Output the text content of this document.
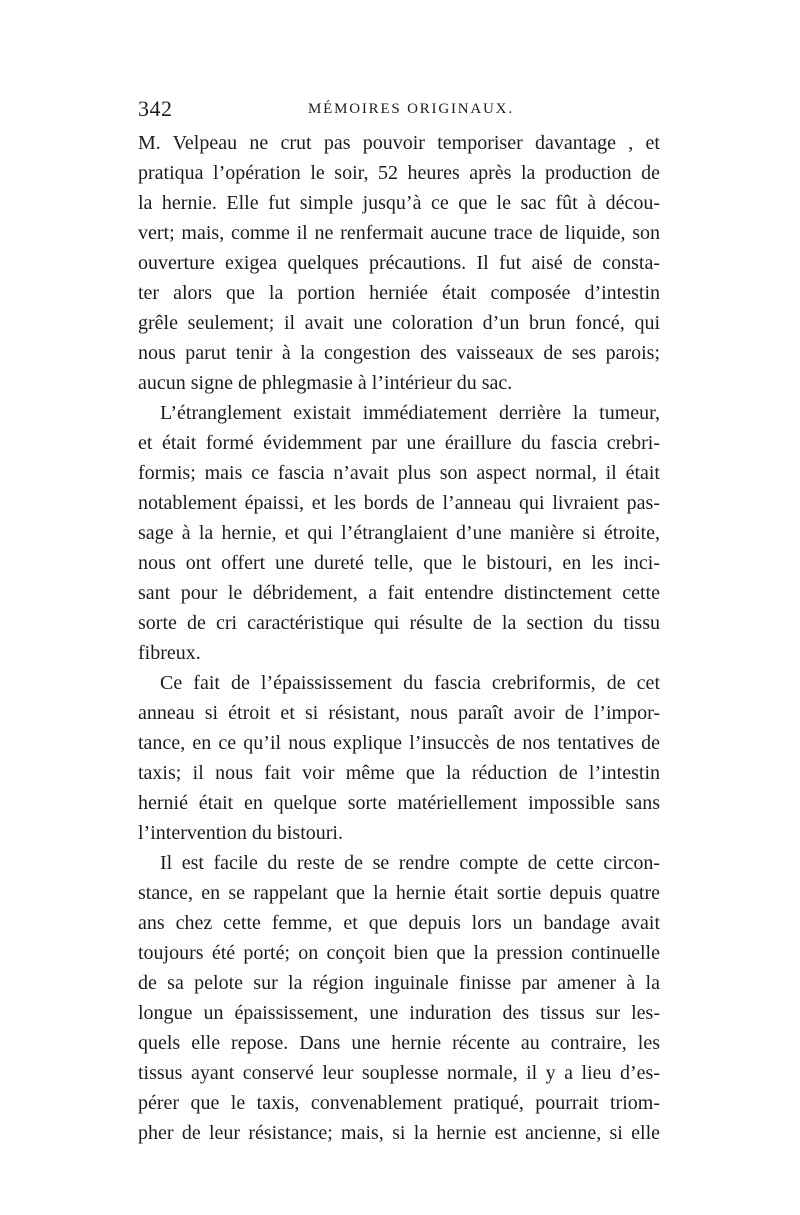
342	MÉMOIRES ORIGINAUX.
M. Velpeau ne crut pas pouvoir temporiser davantage , et
pratiqua l’opération le soir, 52 heures après la production de
la hernie. Elle fut simple jusqu’à ce que le sac fût à décou-
vert; mais, comme il ne renfermait aucune trace de liquide, son
ouverture exigea quelques précautions. Il fut aisé de consta-
ter alors que la portion herniée était composée d’intestin
grêle seulement; il avait une coloration d’un brun foncé, qui
nous parut tenir à la congestion des vaisseaux de ses parois;
aucun signe de phlegmasie à l’intérieur du sac.
L’étranglement existait immédiatement derrière la tumeur,
et était formé évidemment par une éraillure du fascia crebri-
formis; mais ce fascia n’avait plus son aspect normal, il était
notablement épaissi, et les bords de l’anneau qui livraient pas-
sage à la hernie, et qui l’étranglaient d’une manière si étroite,
nous ont offert une dureté telle, que le bistouri, en les inci-
sant pour le débridement, a fait entendre distinctement cette
sorte de cri caractéristique qui résulte de la section du tissu
fibreux.
Ce fait de l’épaississement du fascia crebriformis, de cet
anneau si étroit et si résistant, nous paraît avoir de l’impor-
tance, en ce qu’il nous explique l’insuccès de nos tentatives de
taxis; il nous fait voir même que la réduction de l’intestin
hernié était en quelque sorte matériellement impossible sans
l’intervention du bistouri.
Il est facile du reste de se rendre compte de cette circon-
stance, en se rappelant que la hernie était sortie depuis quatre
ans chez cette femme, et que depuis lors un bandage avait
toujours été porté; on conçoit bien que la pression continuelle
de sa pelote sur la région inguinale finisse par amener à la
longue un épaississement, une induration des tissus sur les-
quels elle repose. Dans une hernie récente au contraire, les
tissus ayant conservé leur souplesse normale, il y a lieu d’es-
pérer que le taxis, convenablement pratiqué, pourrait triom-
pher de leur résistance; mais, si la hernie est ancienne, si elle
